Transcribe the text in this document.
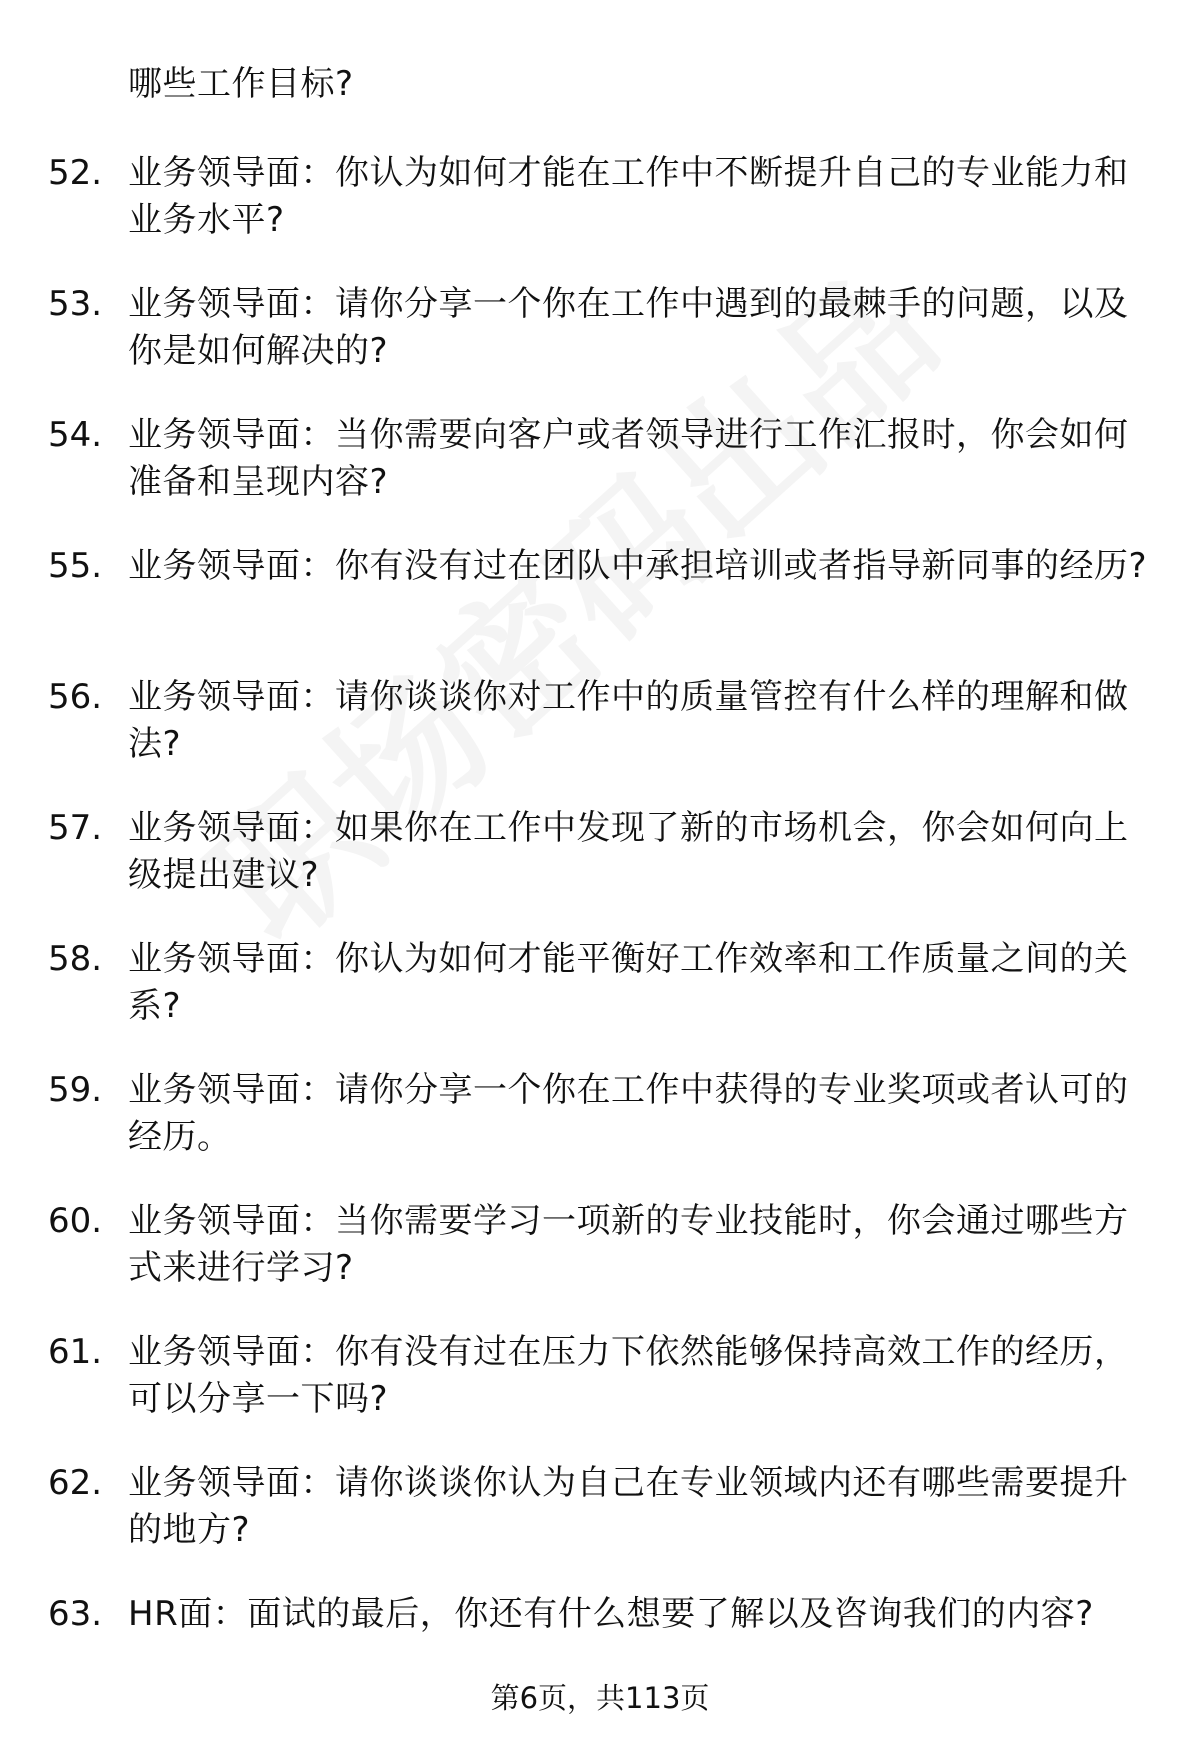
哪些工作目标?
52. 业务领导面：你认为如何才能在工作中不断提升自己的专业能力和业务水平?
53. 业务领导面：请你分享一个你在工作中遇到的最棘手的问题，以及你是如何解决的?
54. 业务领导面：当你需要向客户或者领导进行工作汇报时，你会如何准备和呈现内容?
55. 业务领导面：你有没有过在团队中承担培训或者指导新同事的经历?
56. 业务领导面：请你谈谈你对工作中的质量管控有什么样的理解和做法?
57. 业务领导面：如果你在工作中发现了新的市场机会，你会如何向上级提出建议?
58. 业务领导面：你认为如何才能平衡好工作效率和工作质量之间的关系?
59. 业务领导面：请你分享一个你在工作中获得的专业奖项或者认可的经历。
60. 业务领导面：当你需要学习一项新的专业技能时，你会通过哪些方式来进行学习?
61. 业务领导面：你有没有过在压力下依然能够保持高效工作的经历，可以分享一下吗?
62. 业务领导面：请你谈谈你认为自己在专业领域内还有哪些需要提升的地方?
63. HR面：面试的最后，你还有什么想要了解以及咨询我们的内容?
第6页，共113页
